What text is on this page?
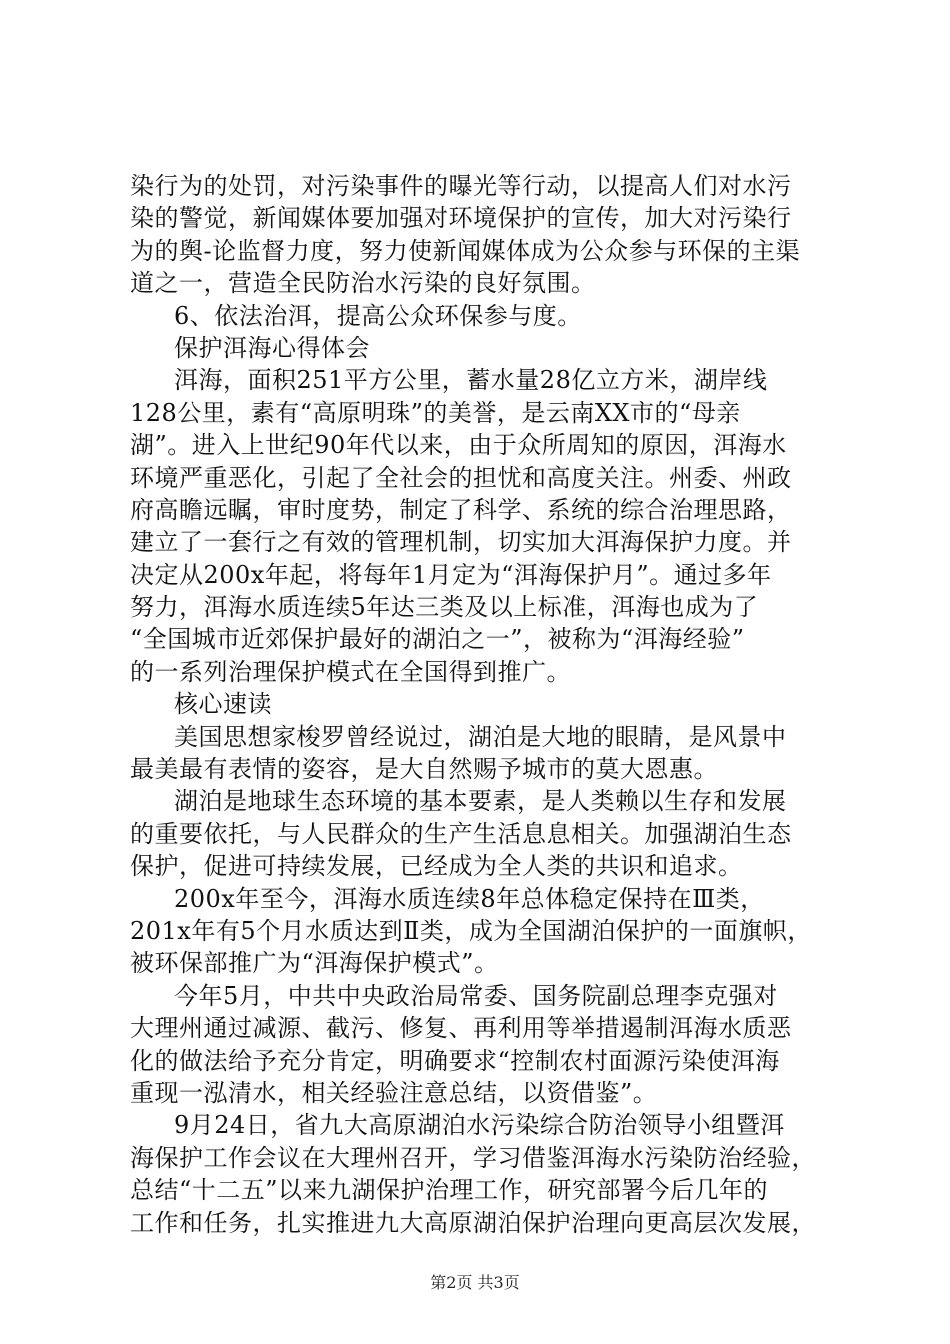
染行为的处罚，对污染事件的曝光等行动，以提高人们对水污
染的警觉，新闻媒体要加强对环境保护的宣传，加大对污染行
为的舆-论监督力度，努力使新闻媒体成为公众参与环保的主渠
道之一，营造全民防治水污染的良好氛围。
6、依法治洱，提高公众环保参与度。
保护洱海心得体会
洱海，面积251平方公里，蓄水量28亿立方米，湖岸线
128公里，素有“高原明珠”的美誉，是云南XX市的“母亲
湖”。进入上世纪90年代以来，由于众所周知的原因，洱海水
环境严重恶化，引起了全社会的担忧和高度关注。州委、州政
府高瞻远瞩，审时度势，制定了科学、系统的综合治理思路，
建立了一套行之有效的管理机制，切实加大洱海保护力度。并
决定从200x年起，将每年1月定为“洱海保护月”。通过多年
努力，洱海水质连续5年达三类及以上标准，洱海也成为了
“全国城市近郊保护最好的湖泊之一”，被称为“洱海经验”
的一系列治理保护模式在全国得到推广。
核心速读
美国思想家梭罗曾经说过，湖泊是大地的眼睛，是风景中
最美最有表情的姿容，是大自然赐予城市的莫大恩惠。
湖泊是地球生态环境的基本要素，是人类赖以生存和发展
的重要依托，与人民群众的生产生活息息相关。加强湖泊生态
保护，促进可持续发展，已经成为全人类的共识和追求。
200x年至今，洱海水质连续8年总体稳定保持在Ⅲ类，
201x年有5个月水质达到Ⅱ类，成为全国湖泊保护的一面旗帜，
被环保部推广为“洱海保护模式”。
今年5月，中共中央政治局常委、国务院副总理李克强对
大理州通过减源、截污、修复、再利用等举措遏制洱海水质恶
化的做法给予充分肯定，明确要求“控制农村面源污染使洱海
重现一泓清水，相关经验注意总结，以资借鉴”。
9月24日，省九大高原湖泊水污染综合防治领导小组暨洱
海保护工作会议在大理州召开，学习借鉴洱海水污染防治经验，
总结“十二五”以来九湖保护治理工作，研究部署今后几年的
工作和任务，扎实推进九大高原湖泊保护治理向更高层次发展，
第2页 共3页
